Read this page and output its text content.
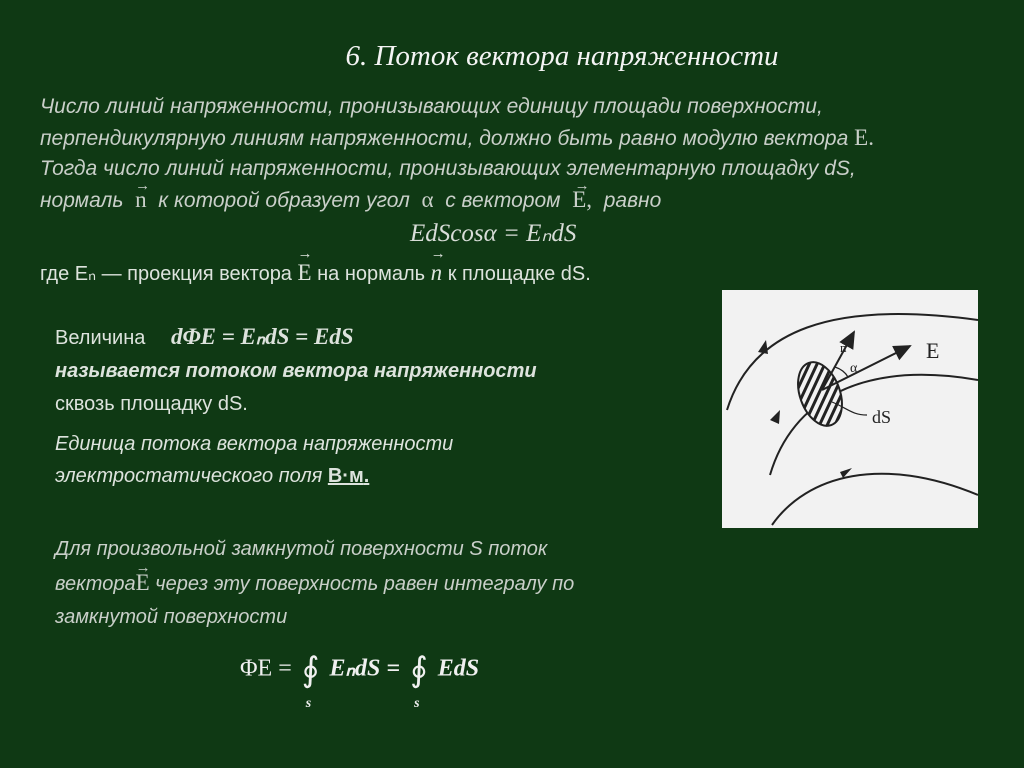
6. Поток вектора напряженности
Число линий напряженности, пронизывающих единицу площади поверхности,
перпендикулярную линиям напряженности, должно быть равно модулю вектора E.
Тогда число линий напряженности, пронизывающих элементарную площадку dS,
нормаль → n к которой образует угол α с вектором → E, равно
EdScosα = EₙdS
где Eₙ — проекция вектора → E на нормаль → n к площадке dS.
Величина dΦE = EₙdS = EdS
называется потоком вектора напряженности
сквозь площадку dS.
Единица потока вектора напряженности
электростатического поля В·м.
Для произвольной замкнутой поверхности S поток
вектора→ E через эту поверхность равен интегралу по
замкнутой поверхности
ΦE = ∮
s
EₙdS = ∮
s
EdS
n
α
E
dS
